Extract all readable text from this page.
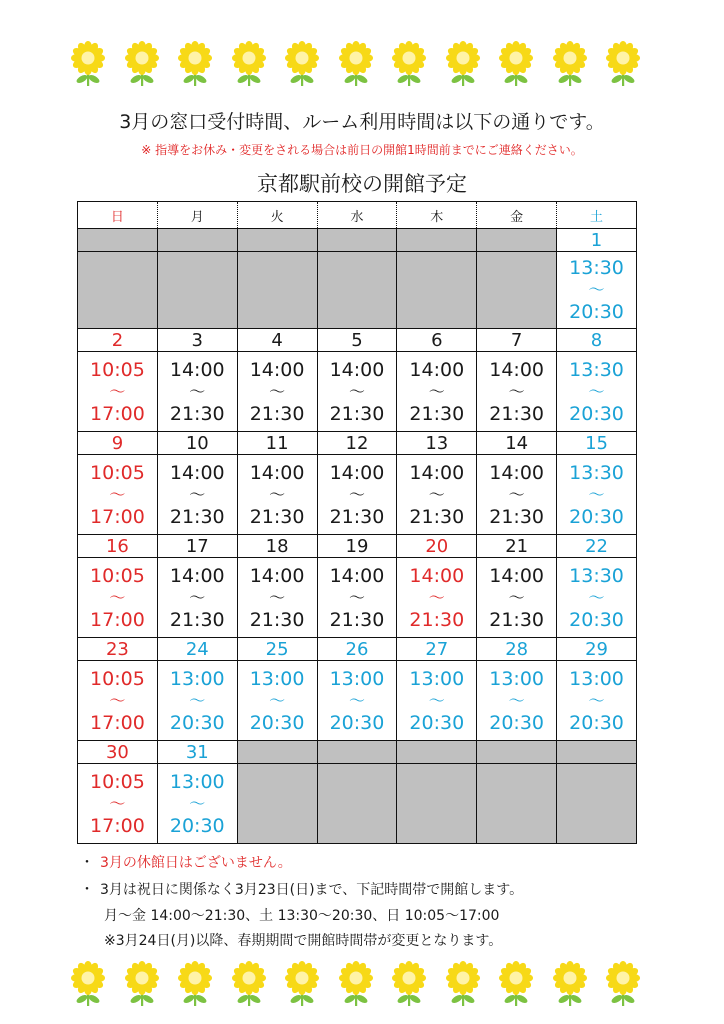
3月の窓口受付時間、ルーム利用時間は以下の通りです。
※ 指導をお休み・変更をされる場合は前日の開館1時間前までにご連絡ください。
京都駅前校の開館予定
日	月	火	水	木	金	土
						1

						13:30
〜
20:30

2	3	4	5	6	7	8

10:05
〜
17:00	14:00
〜
21:30	14:00
〜
21:30	14:00
〜
21:30	14:00
〜
21:30	14:00
〜
21:30	13:30
〜
20:30

9	10	11	12	13	14	15

10:05
〜
17:00	14:00
〜
21:30	14:00
〜
21:30	14:00
〜
21:30	14:00
〜
21:30	14:00
〜
21:30	13:30
〜
20:30

16	17	18	19	20	21	22

10:05
〜
17:00	14:00
〜
21:30	14:00
〜
21:30	14:00
〜
21:30	14:00
〜
21:30	14:00
〜
21:30	13:30
〜
20:30

23	24	25	26	27	28	29

10:05
〜
17:00	13:00
〜
20:30	13:00
〜
20:30	13:00
〜
20:30	13:00
〜
20:30	13:00
〜
20:30	13:00
〜
20:30

30	31					

10:05
〜
17:00	13:00
〜
20:30					

・ 3月の休館日はございません。
・ 3月は祝日に関係なく3月23日(日)まで、下記時間帯で開館します。
月〜金 14:00〜21:30、土 13:30〜20:30、日 10:05〜17:00
※3月24日(月)以降、春期期間で開館時間帯が変更となります。
